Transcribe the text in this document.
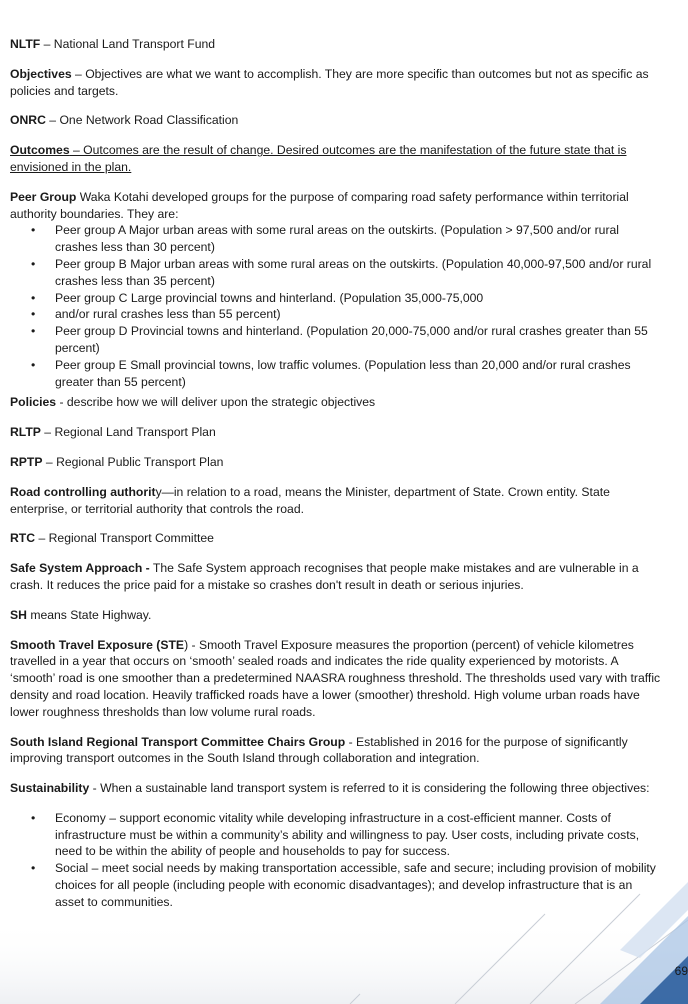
NLTF – National Land Transport Fund

Objectives – Objectives are what we want to accomplish. They are more specific than outcomes but not as specific as policies and targets.

ONRC – One Network Road Classification

Outcomes – Outcomes are the result of change. Desired outcomes are the manifestation of the future state that is envisioned in the plan.

Peer Group Waka Kotahi developed groups for the purpose of comparing road safety performance within territorial authority boundaries. They are:

• Peer group A Major urban areas with some rural areas on the outskirts. (Population > 97,500 and/or rural crashes less than 30 percent)
• Peer group B Major urban areas with some rural areas on the outskirts. (Population 40,000-97,500 and/or rural crashes less than 35 percent)
• Peer group C Large provincial towns and hinterland. (Population 35,000-75,000
• and/or rural crashes less than 55 percent)
• Peer group D Provincial towns and hinterland. (Population 20,000-75,000 and/or rural crashes greater than 55 percent)
• Peer group E Small provincial towns, low traffic volumes. (Population less than 20,000 and/or rural crashes greater than 55 percent)

Policies - describe how we will deliver upon the strategic objectives

RLTP – Regional Land Transport Plan

RPTP – Regional Public Transport Plan

Road controlling authority—in relation to a road, means the Minister, department of State. Crown entity. State enterprise, or territorial authority that controls the road.

RTC – Regional Transport Committee

Safe System Approach - The Safe System approach recognises that people make mistakes and are vulnerable in a crash. It reduces the price paid for a mistake so crashes don't result in death or serious injuries.

SH means State Highway.

Smooth Travel Exposure (STE) - Smooth Travel Exposure measures the proportion (percent) of vehicle kilometres travelled in a year that occurs on ‘smooth’ sealed roads and indicates the ride quality experienced by motorists. A ‘smooth’ road is one smoother than a predetermined NAASRA roughness threshold. The thresholds used vary with traffic density and road location. Heavily trafficked roads have a lower (smoother) threshold. High volume urban roads have lower roughness thresholds than low volume rural roads.

South Island Regional Transport Committee Chairs Group - Established in 2016 for the purpose of significantly improving transport outcomes in the South Island through collaboration and integration.

Sustainability - When a sustainable land transport system is referred to it is considering the following three objectives:

• Economy – support economic vitality while developing infrastructure in a cost-efficient manner. Costs of infrastructure must be within a community’s ability and willingness to pay. User costs, including private costs, need to be within the ability of people and households to pay for success.
• Social – meet social needs by making transportation accessible, safe and secure; including provision of mobility choices for all people (including people with economic disadvantages); and develop infrastructure that is an asset to communities.
69
